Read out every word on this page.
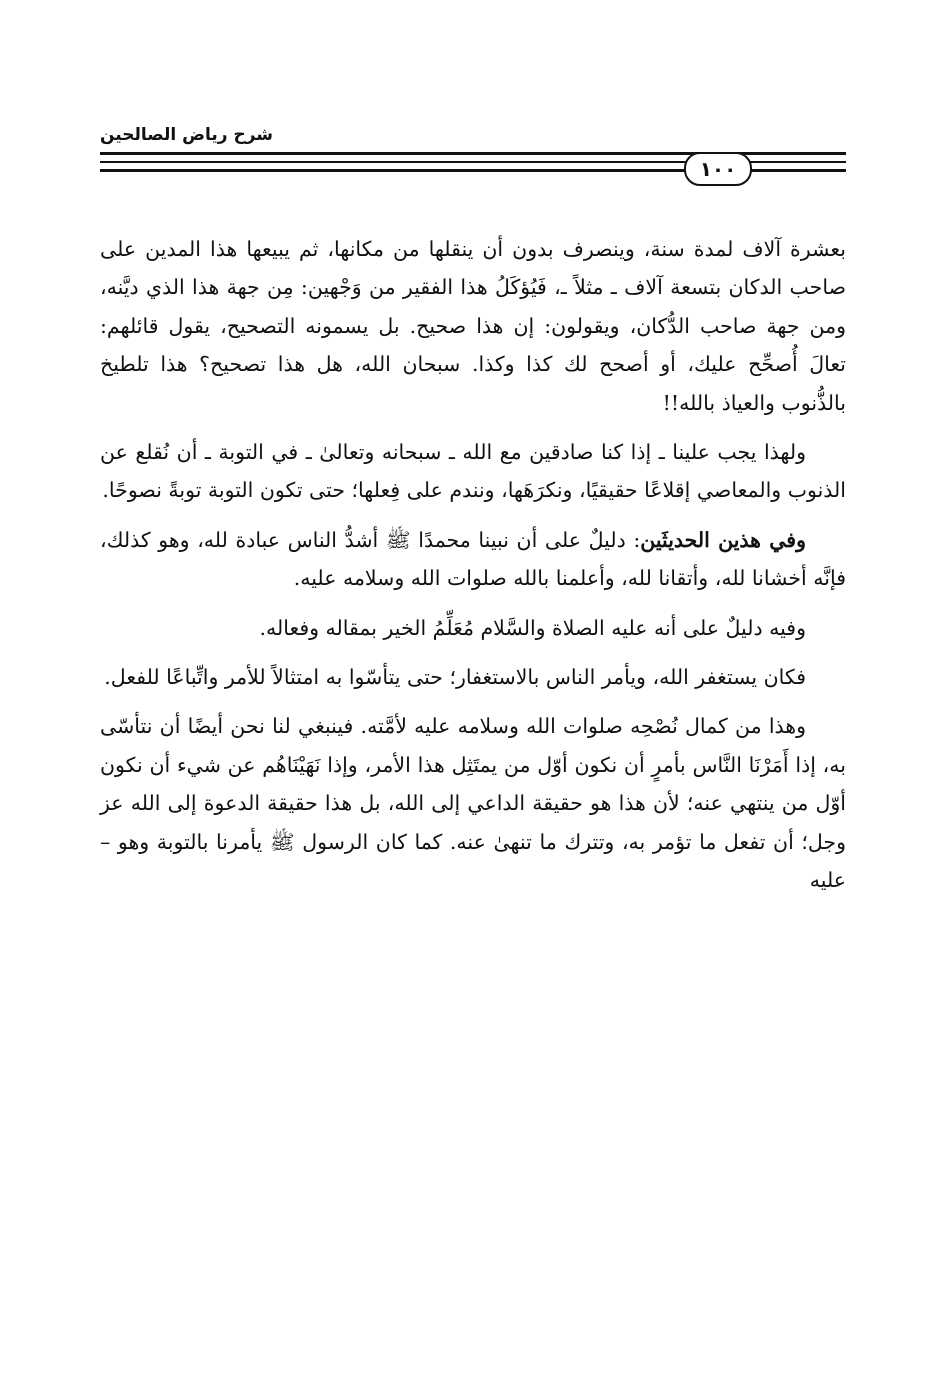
شرح رياض الصالحين
١٠٠

بعشرة آلاف لمدة سنة، وينصرف بدون أن ينقلها من مكانها، ثم يبيعها هذا المدين على صاحب الدكان بتسعة آلاف ـ مثلاً ـ، فَيُؤكَلُ هذا الفقير من وَجْهين: مِن جهة هذا الذي ديَّنه، ومن جهة صاحب الدُّكان، ويقولون: إن هذا صحيح. بل يسمونه التصحيح، يقول قائلهم: تعالَ أُصحِّح عليك، أو أصحح لك كذا وكذا. سبحان الله، هل هذا تصحيح؟ هذا تلطيخ بالذُّنوب والعياذ بالله!!

ولهذا يجب علينا ـ إذا كنا صادقين مع الله ـ سبحانه وتعالىٰ ـ في التوبة ـ أن نُقلع عن الذنوب والمعاصي إقلاعًا حقيقيًا، ونكرَهَها، ونندم على فِعلها؛ حتى تكون التوبة توبةً نصوحًا.

وفي هذين الحديثَين: دليلٌ على أن نبينا محمدًا ﷺ أشدُّ الناس عبادة لله، وهو كذلك، فإنَّه أخشانا لله، وأتقانا لله، وأعلمنا بالله صلوات الله وسلامه عليه.

وفيه دليلٌ على أنه عليه الصلاة والسَّلام مُعَلِّمُ الخير بمقاله وفعاله.

فكان يستغفر الله، ويأمر الناس بالاستغفار؛ حتى يتأسّوا به امتثالاً للأمر واتِّباعًا للفعل.

وهذا من كمال نُصْحِه صلوات الله وسلامه عليه لأمَّته. فينبغي لنا نحن أيضًا أن نتأسّى به، إذا أَمَرْنَا النَّاس بأمرٍ أن نكون أوّل من يمتَثِل هذا الأمر، وإذا نَهَيْنَاهُم عن شيء أن نكون أوّل من ينتهي عنه؛ لأن هذا هو حقيقة الداعي إلى الله، بل هذا حقيقة الدعوة إلى الله عز وجل؛ أن تفعل ما تؤمر به، وتترك ما تنهىٰ عنه. كما كان الرسول ﷺ يأمرنا بالتوبة وهو – عليه
